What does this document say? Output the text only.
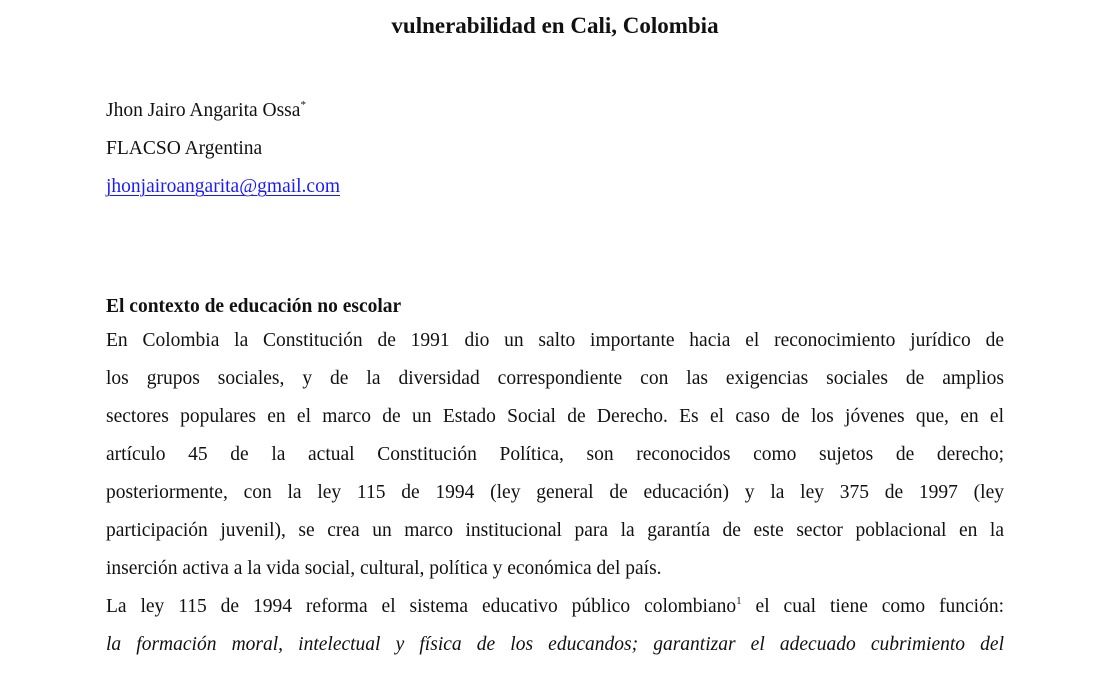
vulnerabilidad en Cali, Colombia
Jhon Jairo Angarita Ossa*
FLACSO Argentina
jhonjairoangarita@gmail.com
El contexto de educación no escolar
En Colombia la Constitución de 1991 dio un salto importante hacia el reconocimiento jurídico de
los grupos sociales, y de la diversidad correspondiente con las exigencias sociales de amplios
sectores populares en el marco de un Estado Social de Derecho. Es el caso de los jóvenes que, en el
artículo 45 de la actual Constitución Política, son reconocidos como sujetos de derecho;
posteriormente, con la ley 115 de 1994 (ley general de educación) y la ley 375 de 1997 (ley
participación juvenil), se crea un marco institucional para la garantía de este sector poblacional en la
inserción activa a la vida social, cultural, política y económica del país.
La ley 115 de 1994 reforma el sistema educativo público colombiano$^1$ el cual tiene como función:
la formación moral, intelectual y física de los educandos; garantizar el adecuado cubrimiento del
